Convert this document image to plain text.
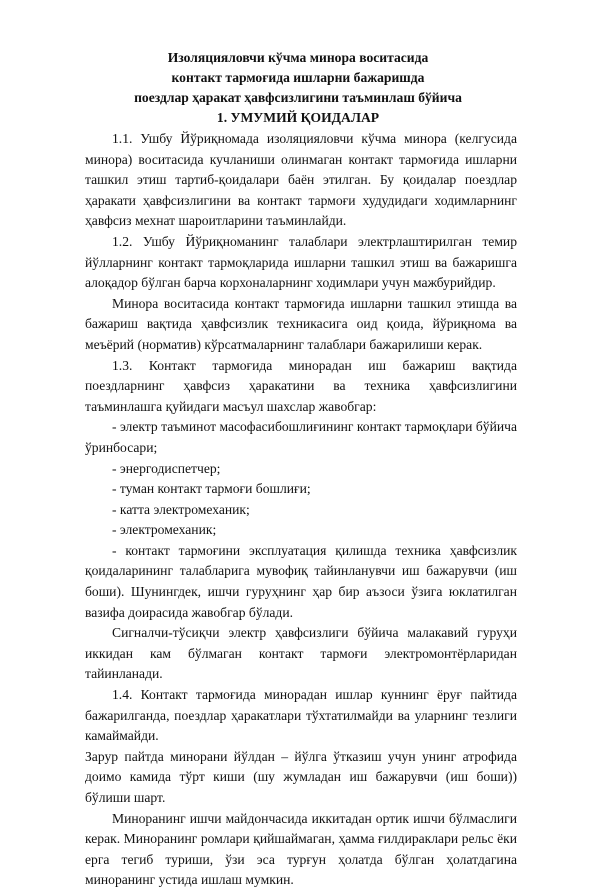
Изоляцияловчи кўчма минора воситасида
контакт тармоғида ишларни бажаришда
поездлар ҳаракат ҳавфсизлигини таъминлаш бўйича
1. УМУМИЙ ҚОИДАЛАР

1.1. Ушбу Йўриқномада изоляцияловчи кўчма минора (келгусида минора) воситасида кучланиши олинмаган контакт тармоғида ишларни ташкил этиш тартиб-қоидалари баён этилган. Бу қоидалар поездлар ҳаракати ҳавфсизлигини ва контакт тармоғи худудидаги ходимларнинг ҳавфсиз мехнат шароитларини таъминлайди.

1.2. Ушбу Йўриқноманинг талаблари электрлаштирилган темир йўлларнинг контакт тармоқларида ишларни ташкил этиш ва бажаришга алоқадор бўлган барча корхоналарнинг ходимлари учун мажбурийдир.

Минора воситасида контакт тармоғида ишларни ташкил этишда ва бажариш вақтида ҳавфсизлик техникасига оид қоида, йўриқнома ва меъёрий (норматив) кўрсатмаларнинг талаблари бажарилиши керак.

1.3. Контакт тармоғида минорадан иш бажариш вақтида поездларнинг ҳавфсиз ҳаракатини ва техника ҳавфсизлигини таъминлашга қуйидаги масъул шахслар жавобгар:

- электр таъминот масофасибошлиғининг контакт тармоқлари бўйича ўринбосари;

- энергодиспетчер;

- туман контакт тармоғи бошлиғи;

- катта электромеханик;

- электромеханик;

- контакт тармоғини эксплуатация қилишда техника ҳавфсизлик қоидаларининг талабларига мувофиқ тайинланувчи иш бажарувчи (иш боши). Шунингдек, ишчи гуруҳнинг ҳар бир аъзоси ўзига юклатилган вазифа доирасида жавобгар бўлади.

Сигналчи-тўсиқчи электр ҳавфсизлиги бўйича малакавий гуруҳи иккидан кам бўлмаган контакт тармоғи электромонтёрларидан тайинланади.

1.4. Контакт тармоғида минорадан ишлар куннинг ёруғ пайтида бажарилганда, поездлар ҳаракатлари тўхтатилмайди ва уларнинг тезлиги камаймайди.

Зарур пайтда минорани йўлдан – йўлга ўтказиш учун унинг атрофида доимо камида тўрт киши (шу жумладан иш бажарувчи (иш боши)) бўлиши шарт.

Миноранинг ишчи майдончасида иккитадан ортик ишчи бўлмаслиги керак. Миноранинг ромлари қийшаймаган, ҳамма ғилдираклари рельс ёки ерга тегиб туриши, ўзи эса турғун ҳолатда бўлган ҳолатдагина миноранинг устида ишлаш мумкин.
